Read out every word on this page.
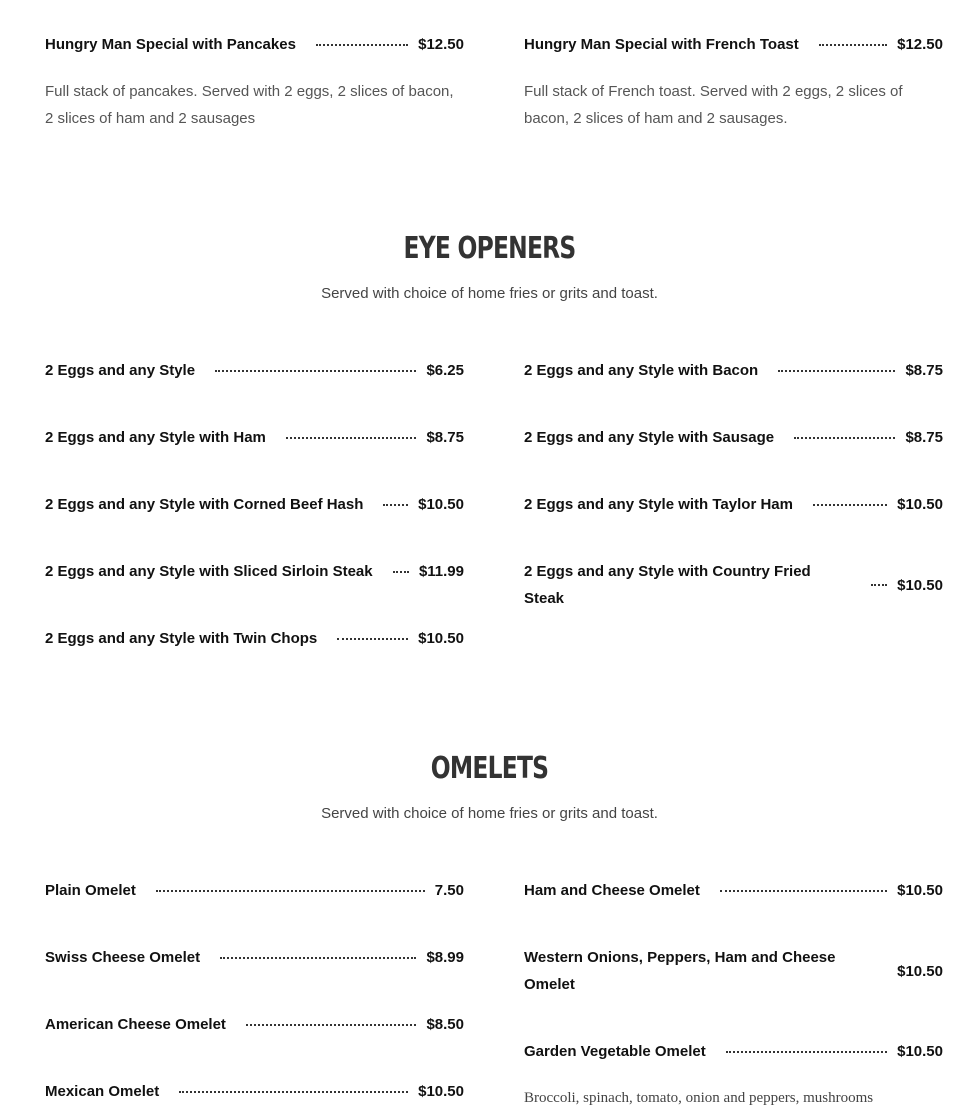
Hungry Man Special with Pancakes	$12.50
Full stack of pancakes. Served with 2 eggs, 2 slices of bacon, 2 slices of ham and 2 sausages
Hungry Man Special with French Toast	$12.50
Full stack of French toast. Served with 2 eggs, 2 slices of bacon, 2 slices of ham and 2 sausages.
EYE OPENERS
Served with choice of home fries or grits and toast.
2 Eggs and any Style	$6.25
2 Eggs and any Style with Ham	$8.75
2 Eggs and any Style with Corned Beef Hash	$10.50
2 Eggs and any Style with Sliced Sirloin Steak	$11.99
2 Eggs and any Style with Twin Chops	$10.50
2 Eggs and any Style with Bacon	$8.75
2 Eggs and any Style with Sausage	$8.75
2 Eggs and any Style with Taylor Ham	$10.50
2 Eggs and any Style with Country Fried Steak
$10.50
OMELETS
Served with choice of home fries or grits and toast.
Plain Omelet	7.50
Swiss Cheese Omelet	$8.99
American Cheese Omelet	$8.50
Mexican Omelet	$10.50
Ham and Cheese Omelet	$10.50
Western Onions, Peppers, Ham and Cheese Omelet
$10.50
Garden Vegetable Omelet	$10.50
Broccoli, spinach, tomato, onion and peppers, mushrooms
